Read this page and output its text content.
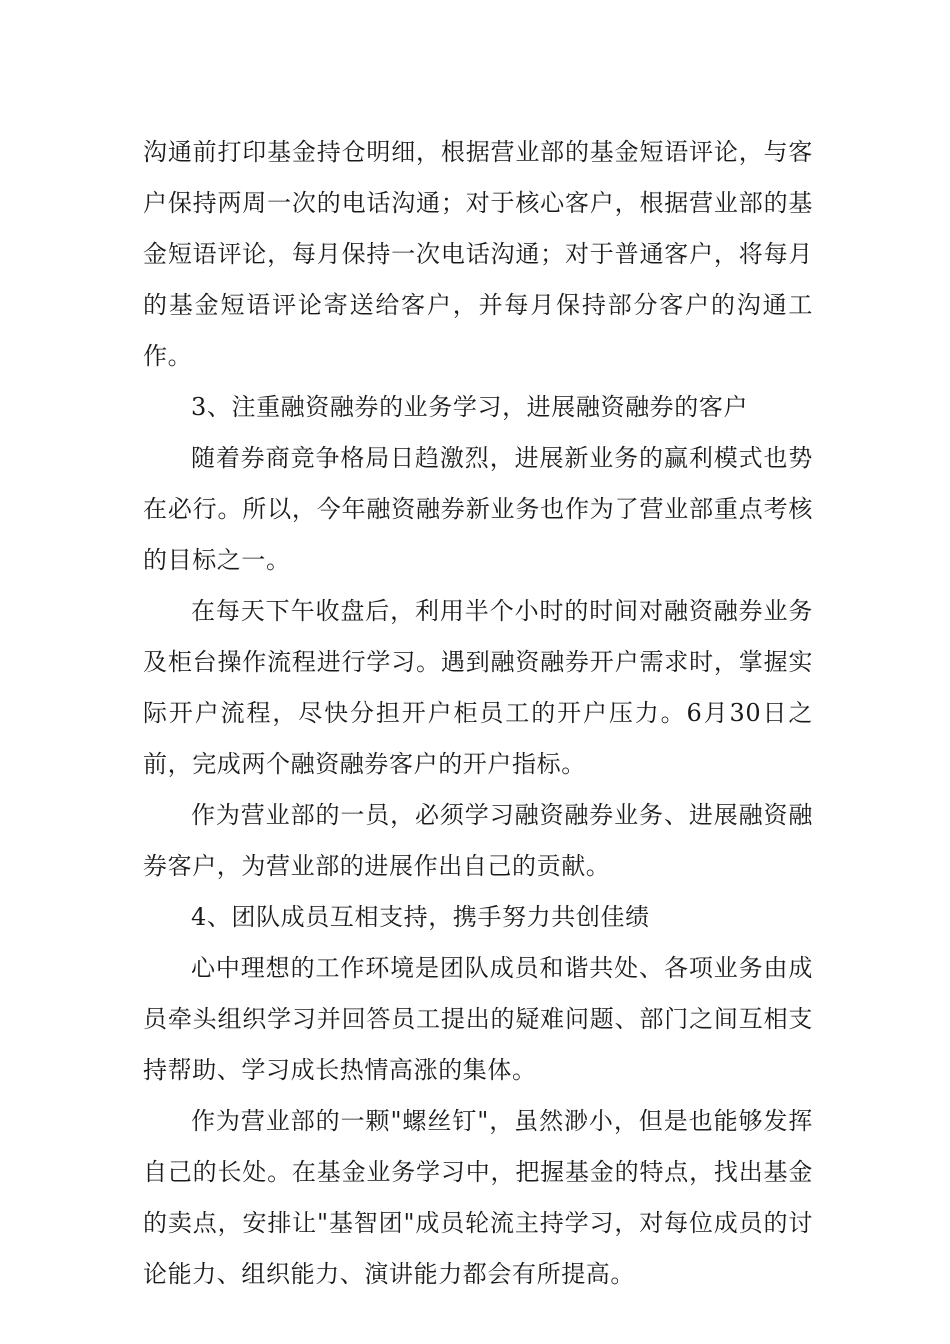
沟通前打印基金持仓明细，根据营业部的基金短语评论，与客户保持两周一次的电话沟通；对于核心客户，根据营业部的基金短语评论，每月保持一次电话沟通；对于普通客户，将每月的基金短语评论寄送给客户，并每月保持部分客户的沟通工作。

3、注重融资融券的业务学习，进展融资融券的客户

随着券商竞争格局日趋激烈，进展新业务的赢利模式也势在必行。所以，今年融资融券新业务也作为了营业部重点考核的目标之一。

在每天下午收盘后，利用半个小时的时间对融资融券业务及柜台操作流程进行学习。遇到融资融券开户需求时，掌握实际开户流程，尽快分担开户柜员工的开户压力。6月30日之前，完成两个融资融券客户的开户指标。

作为营业部的一员，必须学习融资融券业务、进展融资融券客户，为营业部的进展作出自己的贡献。

4、团队成员互相支持，携手努力共创佳绩

心中理想的工作环境是团队成员和谐共处、各项业务由成员牵头组织学习并回答员工提出的疑难问题、部门之间互相支持帮助、学习成长热情高涨的集体。

作为营业部的一颗"螺丝钉"，虽然渺小，但是也能够发挥自己的长处。在基金业务学习中，把握基金的特点，找出基金的卖点，安排让"基智团"成员轮流主持学习，对每位成员的讨论能力、组织能力、演讲能力都会有所提高。
